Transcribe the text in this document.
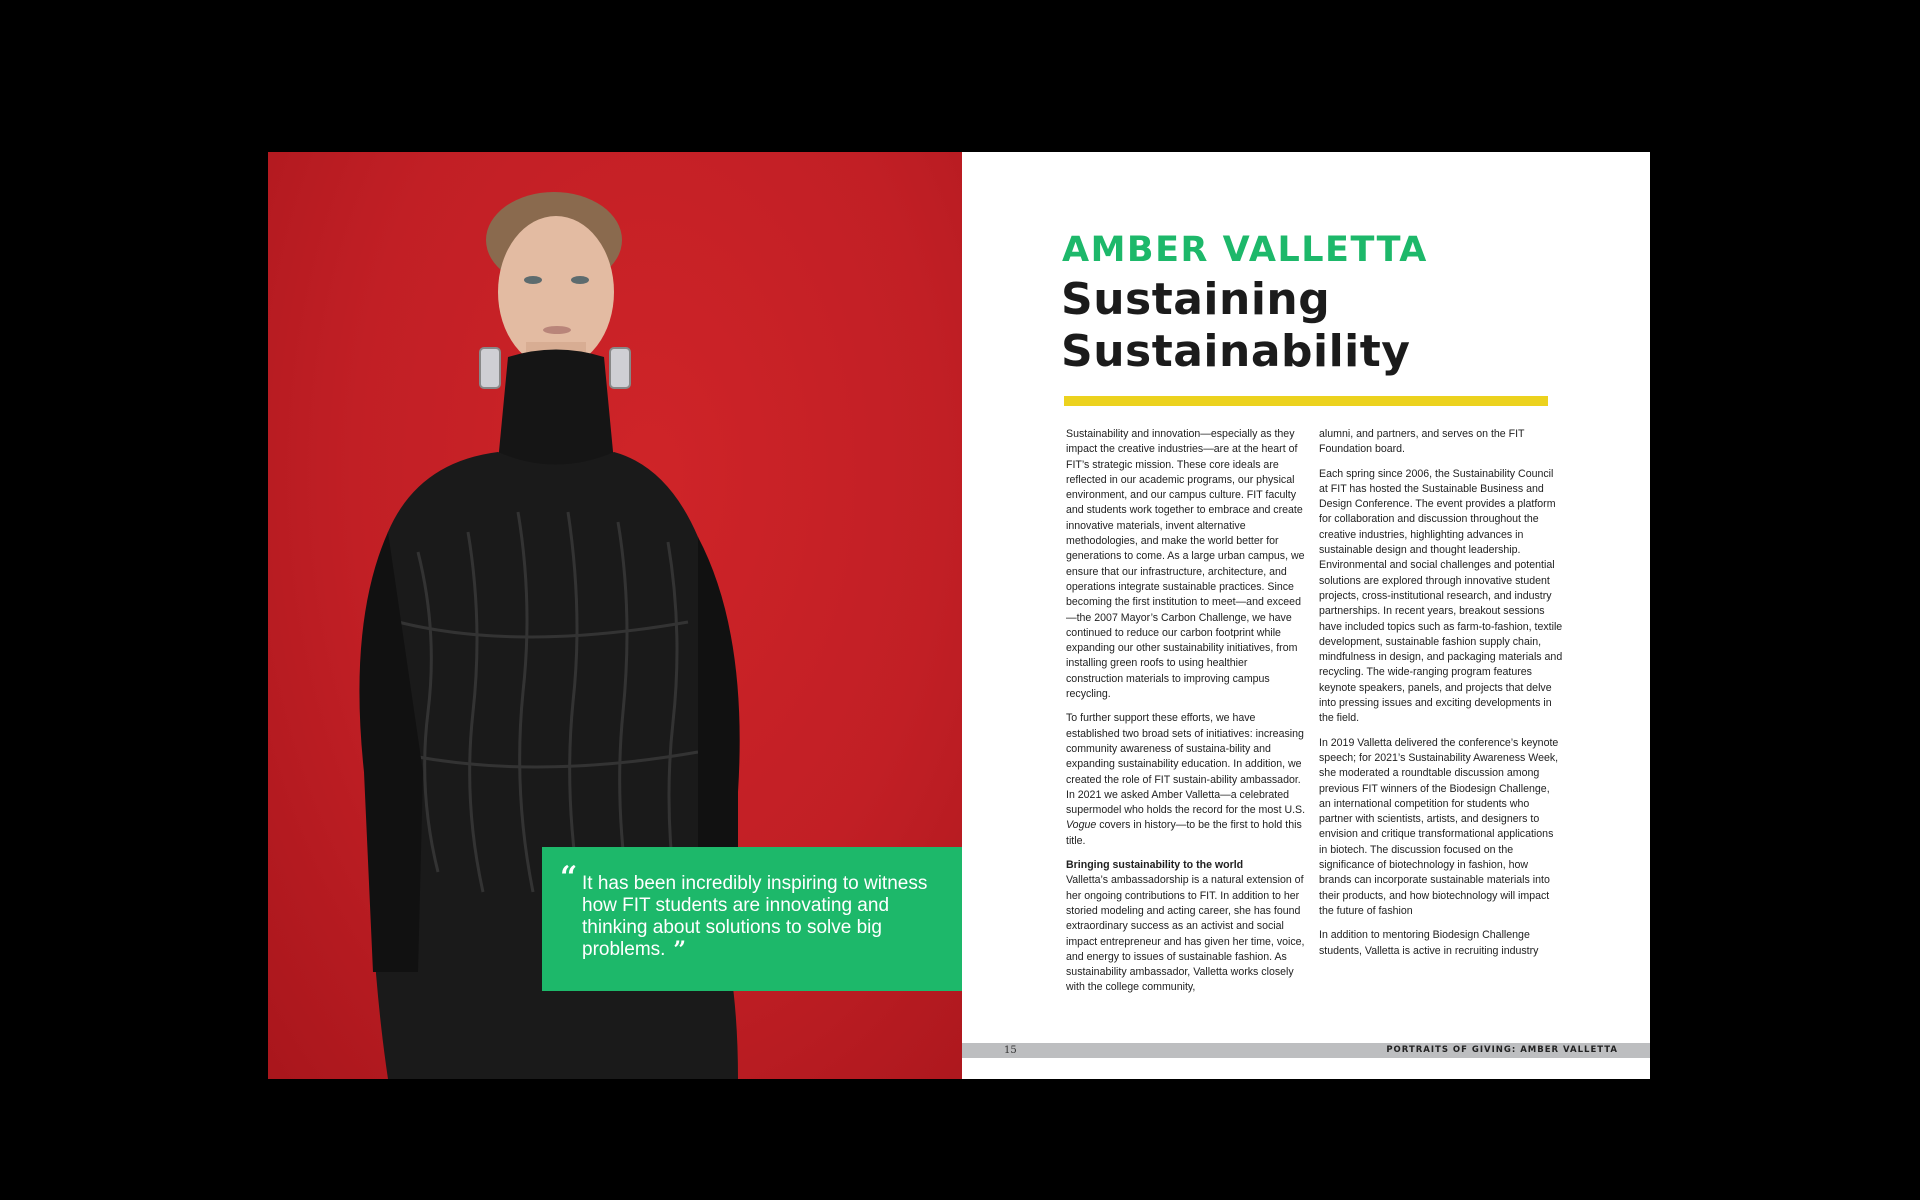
“ It has been incredibly inspiring to witness how FIT students are innovating and thinking about solutions to solve big problems. ”

AMBER VALLETTA
Sustaining Sustainability

Sustainability and innovation—especially as they impact the creative industries—are at the heart of FIT’s strategic mission. These core ideals are reflected in our academic programs, our physical environment, and our campus culture. FIT faculty and students work together to embrace and create innovative materials, invent alternative methodologies, and make the world better for generations to come. As a large urban campus, we ensure that our infrastructure, architecture, and operations integrate sustainable practices. Since becoming the first institution to meet—and exceed—the 2007 Mayor’s Carbon Challenge, we have continued to reduce our carbon footprint while expanding our other sustainability initiatives, from installing green roofs to using healthier construction materials to improving campus recycling.

To further support these efforts, we have established two broad sets of initiatives: increasing community awareness of sustaina-bility and expanding sustainability education. In addition, we created the role of FIT sustain-ability ambassador. In 2021 we asked Amber Valletta—a celebrated supermodel who holds the record for the most U.S. Vogue covers in history—to be the first to hold this title.

Bringing sustainability to the world

Valletta’s ambassadorship is a natural extension of her ongoing contributions to FIT. In addition to her storied modeling and acting career, she has found extraordinary success as an activist and social impact entrepreneur and has given her time, voice, and energy to issues of sustainable fashion. As sustainability ambassador, Valletta works closely with the college community,

alumni, and partners, and serves on the FIT Foundation board.

Each spring since 2006, the Sustainability Council at FIT has hosted the Sustainable Business and Design Conference. The event provides a platform for collaboration and discussion throughout the creative industries, highlighting advances in sustainable design and thought leadership. Environmental and social challenges and potential solutions are explored through innovative student projects, cross-institutional research, and industry partnerships. In recent years, breakout sessions have included topics such as farm-to-fashion, textile development, sustainable fashion supply chain, mindfulness in design, and packaging materials and recycling. The wide-ranging program features keynote speakers, panels, and projects that delve into pressing issues and exciting developments in the field.

In 2019 Valletta delivered the conference’s keynote speech; for 2021’s Sustainability Awareness Week, she moderated a roundtable discussion among previous FIT winners of the Biodesign Challenge, an international competition for students who partner with scientists, artists, and designers to envision and critique transformational applications in biotech. The discussion focused on the significance of biotechnology in fashion, how brands can incorporate sustainable materials into their products, and how biotechnology will impact the future of fashion

In addition to mentoring Biodesign Challenge students, Valletta is active in recruiting industry

15	PORTRAITS OF GIVING: AMBER VALLETTA
